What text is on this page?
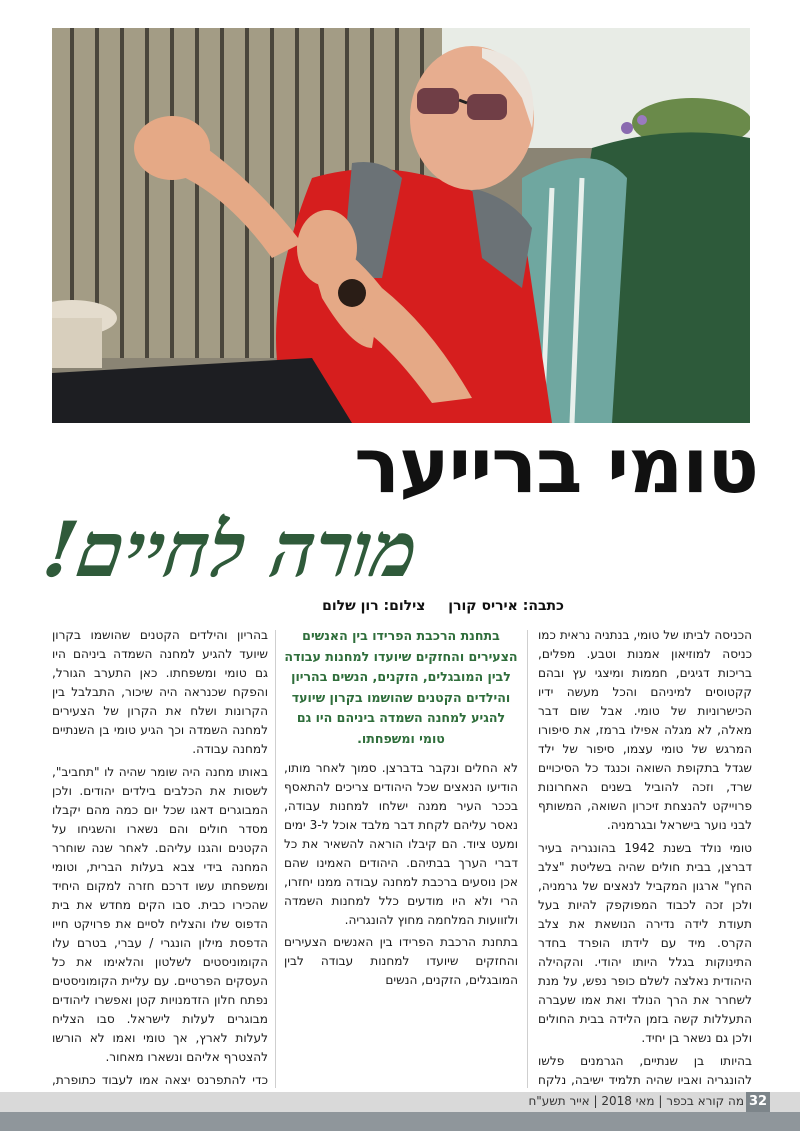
טומי ברייער
מורה לחיים!
כתבה: איריס קורן צילום: רון שלום

הכניסה לביתו של טומי, בנתניה נראית כמו כניסה למוזיאון אמנות וטבע. מפלים, בריכות דגיגים, חממות ומיצגי עץ ובהם קקטוסים למיניהם והכל מעשה ידיו הכישרוניות של טומי. אבל שום דבר מאלה, לא מגלה אפילו ברמז, את סיפורו המרגש של טומי עצמו, סיפור של ילד שגדל בתקופת השואה וכנגד כל הסיכויים שרד, וזכה להוביל בשנים האחרונות פרוייקט להנצחת זיכרון השואה, המשותף לבני נוער בישראל ובגרמניה.

טומי נולד בשנת 1942 בהונגריה בעיר דברצן, בבית חולים שהיה בשליטת "צלב החץ" ארגון המקביל לנאצים של גרמניה, ולכן זכה לכבוד המפוקפק להיות בעל תעודת לידה נדירה הנושאת את צלב הקרס. מיד עם לידתו הופרד בחדר התינוקות בגלל היותו יהודי. והקהילה היהודית נאלצה לשלם כופר נפש, על מנת לשחרר את הרך הנולד ואת אמו שעברה התעללות קשה בזמן הלידה בבית החולים ולכן גם נשאר בן יחיד.

בהיותו בן שנתיים, הגרמנים פלשו להונגריה ואביו שהיה תלמיד ישיבה, נלקח

בתחנת הרכבת הפרידו בין האנשים הצעירים והחזקים שיועדו למחנות עבודה לבין המובגלים, הזקנים, הנשים בהריון והילדים הקטנים שהושמו בקרון שיועד להגיע למחנה השמדה ביניהם היו גם טומי ומשפחתו.

לא החלים ונקבר בדברצן. סמוך לאחר מותו, הודיעו הנאצים שכל היהודים צריכים להתאסף בככר העיר ממנה ישלחו למחנות עבודה, נאסר עליהם לקחת דבר מלבד אוכל ל-3 ימים ומעט ציוד. הם קיבלו הוראה להשאיר את כל דברי הערך בבתיהם. היהודים האמינו שהם אכן נוסעים ברכבת למחנה עבודה ממנו יחזרו, הרי ולא היו מודעים כלל למחנות השמדה ולזוועות המלחמה מחוץ להונגריה.

בתחנת הרכבת הפרידו בין האנשים הצעירים והחזקים שיועדו למחנות עבודה לבין המובגלים, הזקנים, הנשים

בהריון והילדים הקטנים שהושמו בקרון שיועד להגיע למחנה השמדה ביניהם היו גם טומי ומשפחתו. כאן התערב הגורל, והפקח שכנראה היה שיכור, התבלבל בין הקרונות ושלח את הקרון של הצעירים למחנה השמדה וכך הגיע טומי בן השנתיים למחנה עבודה.

באותו מחנה היה שומר שהיה לו "תחביב", לשסות את הכלבים בילדים יהודים. ולכן המבוגרים דאגו שכל יום כמה מהם יקבלו מסדר חולים והם נשארו והשגיחו על הקטנים והגנו עליהם. לאחר שנה שוחרר המחנה בידי צבא בעלות הברית, וטומי ומשפחתו עשו דרכם חזרה למקום היחיד שהכירו כבית. סבו הקים מחדש את בית הדפוס שלו והצליח לסיים את פרויקט חייו הדפסת מילון הונגרי / עברי, בטרם עלו הקומוניסטים לשלטון והלאימו את כל העסקים הפרטיים. עם עליית הקומוניסטים נפתח חלון הזדמנויות קטן ואפשרו ליהודים מבוגרים לעלות לישראל. סבו הצליח לעלות לארץ, אך טומי ואמו לא הורשו להצטרף אליהם ונשארו מאחור.

כדי להתפרנס יצאה אמו לעבוד כתופרת,

מה קורא בכפר | מאי 2018 | אייר תשע"ח 32
